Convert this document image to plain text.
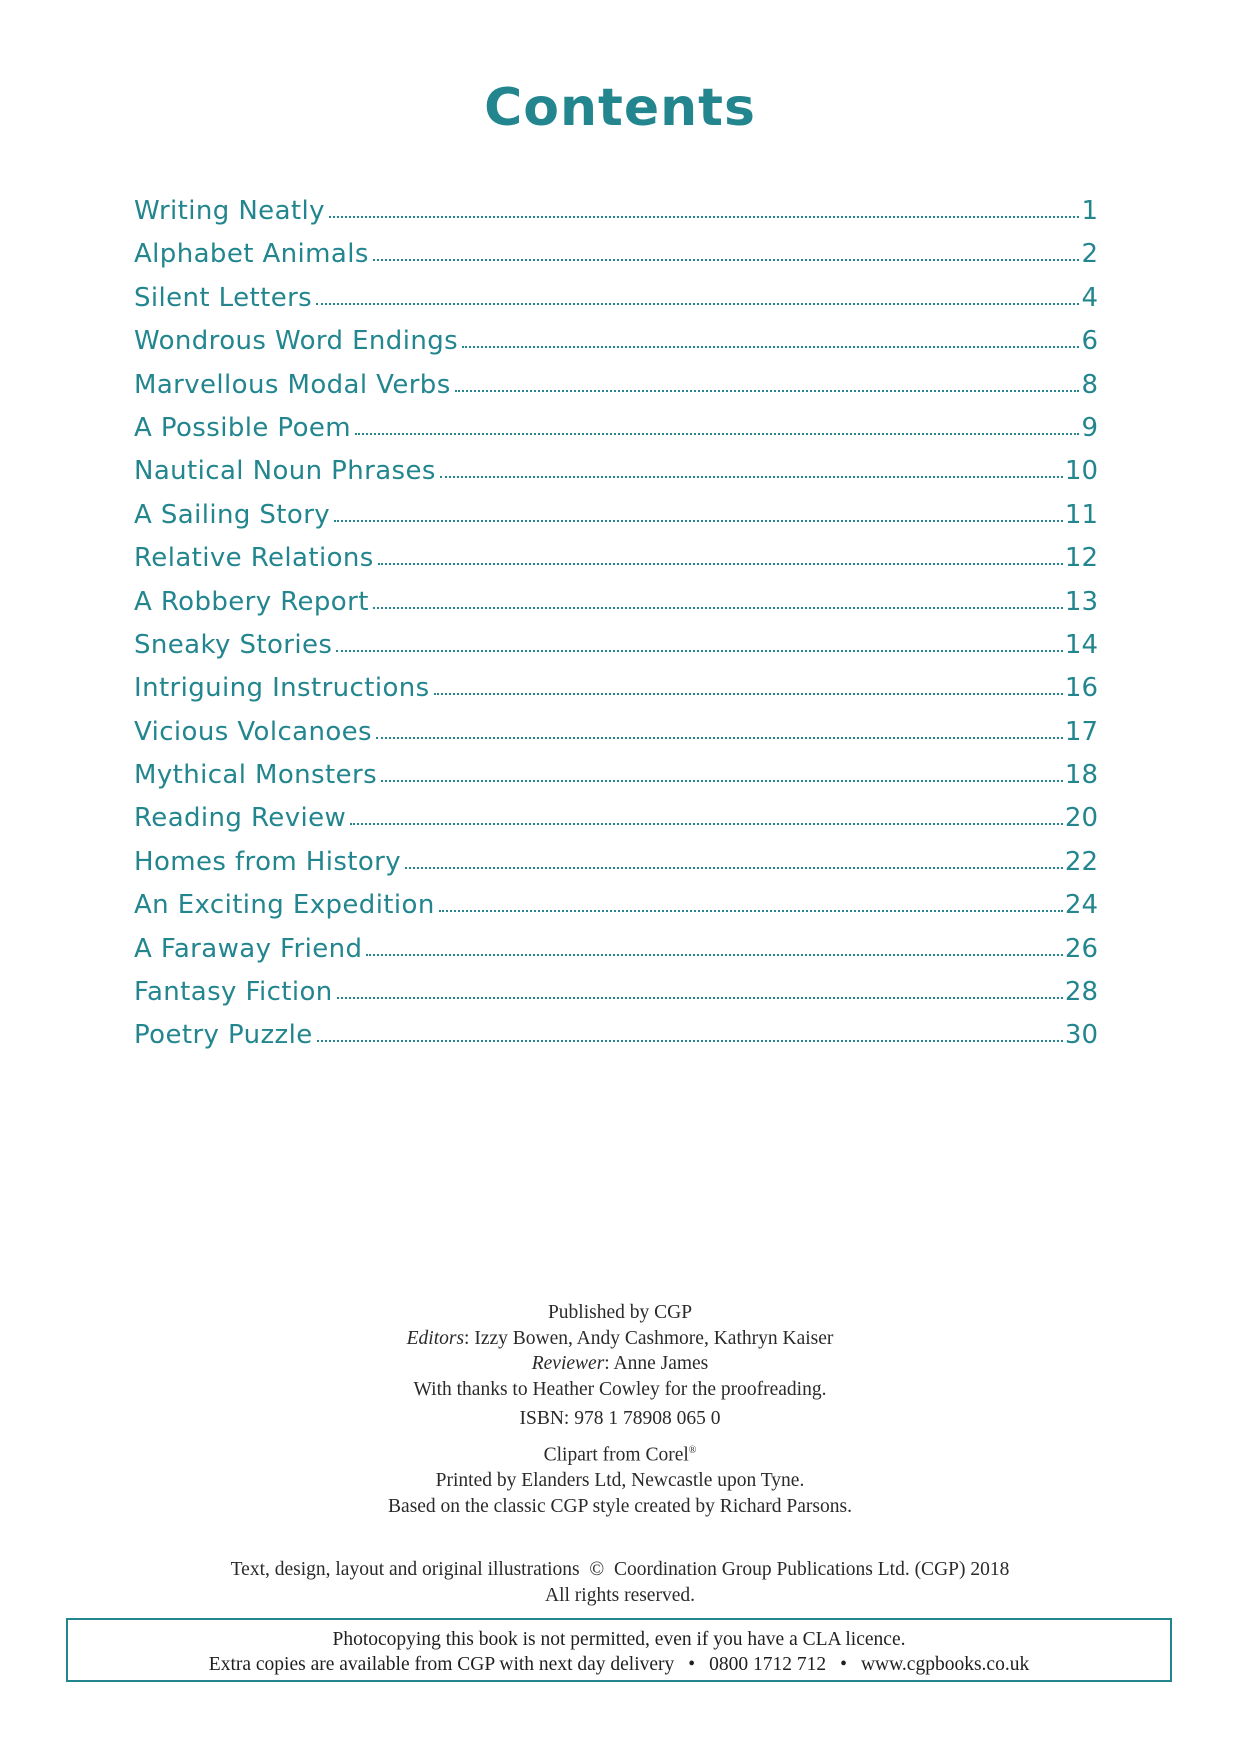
Contents
Writing Neatly	1
Alphabet Animals	2
Silent Letters	4
Wondrous Word Endings	6
Marvellous Modal Verbs	8
A Possible Poem	9
Nautical Noun Phrases	10
A Sailing Story	11
Relative Relations	12
A Robbery Report	13
Sneaky Stories	14
Intriguing Instructions	16
Vicious Volcanoes	17
Mythical Monsters	18
Reading Review	20
Homes from History	22
An Exciting Expedition	24
A Faraway Friend	26
Fantasy Fiction	28
Poetry Puzzle	30
Published by CGP
Editors: Izzy Bowen, Andy Cashmore, Kathryn Kaiser
Reviewer: Anne James
With thanks to Heather Cowley for the proofreading.
ISBN: 978 1 78908 065 0
Clipart from Corel®
Printed by Elanders Ltd, Newcastle upon Tyne.
Based on the classic CGP style created by Richard Parsons.
Text, design, layout and original illustrations  ©  Coordination Group Publications Ltd. (CGP) 2018
All rights reserved.
Photocopying this book is not permitted, even if you have a CLA licence.
Extra copies are available from CGP with next day delivery • 0800 1712 712 • www.cgpbooks.co.uk
